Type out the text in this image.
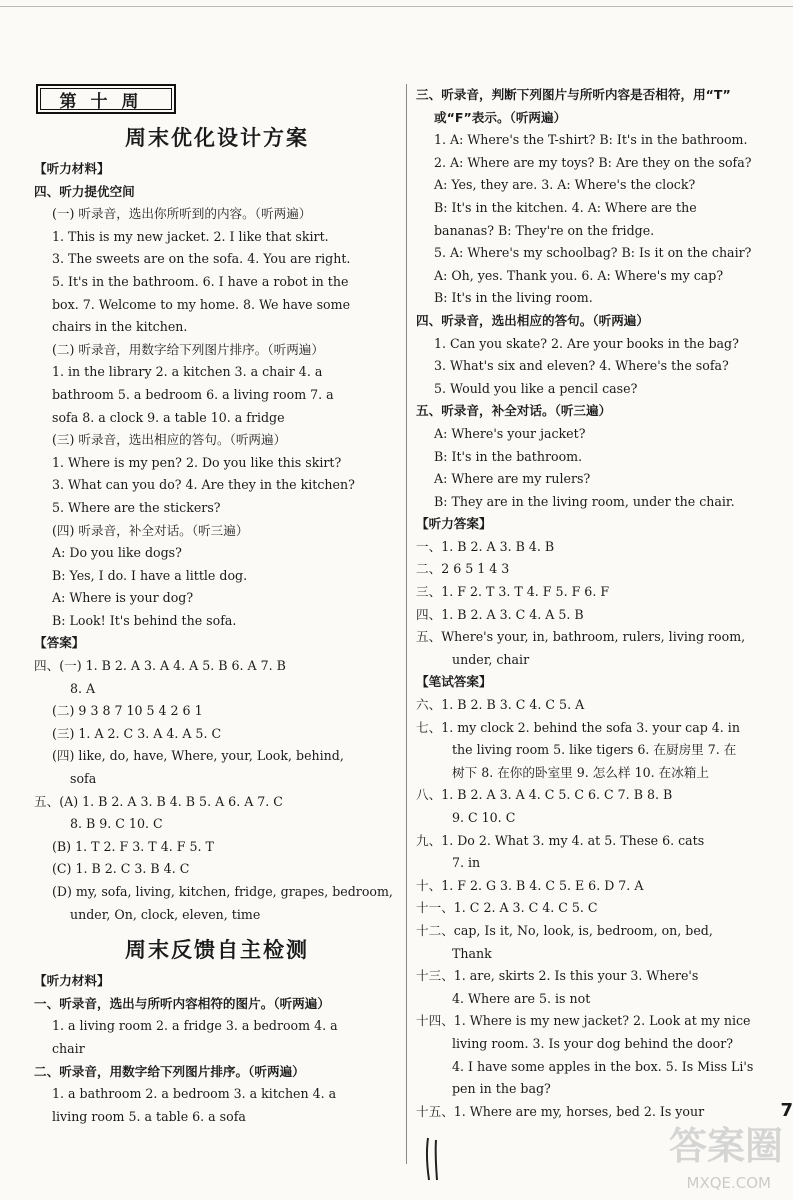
第十周
周末优化设计方案
【听力材料】
四、听力提优空间
(一) 听录音，选出你所听到的内容。（听两遍）
1. This is my new jacket. 2. I like that skirt.
3. The sweets are on the sofa. 4. You are right.
5. It's in the bathroom. 6. I have a robot in the
box. 7. Welcome to my home. 8. We have some
chairs in the kitchen.
(二) 听录音，用数字给下列图片排序。（听两遍）
1. in the library 2. a kitchen 3. a chair 4. a
bathroom 5. a bedroom 6. a living room 7. a
sofa 8. a clock 9. a table 10. a fridge
(三) 听录音，选出相应的答句。（听两遍）
1. Where is my pen? 2. Do you like this skirt?
3. What can you do? 4. Are they in the kitchen?
5. Where are the stickers?
(四) 听录音，补全对话。（听三遍）
A: Do you like dogs?
B: Yes, I do. I have a little dog.
A: Where is your dog?
B: Look! It's behind the sofa.
【答案】
四、(一) 1. B 2. A 3. A 4. A 5. B 6. A 7. B
8. A
(二) 9 3 8 7 10 5 4 2 6 1
(三) 1. A 2. C 3. A 4. A 5. C
(四) like, do, have, Where, your, Look, behind,
sofa
五、(A) 1. B 2. A 3. B 4. B 5. A 6. A 7. C
8. B 9. C 10. C
(B) 1. T 2. F 3. T 4. F 5. T
(C) 1. B 2. C 3. B 4. C
(D) my, sofa, living, kitchen, fridge, grapes, bedroom,
under, On, clock, eleven, time
周末反馈自主检测
【听力材料】
一、听录音，选出与所听内容相符的图片。（听两遍）
1. a living room 2. a fridge 3. a bedroom 4. a
chair
二、听录音，用数字给下列图片排序。（听两遍）
1. a bathroom 2. a bedroom 3. a kitchen 4. a
living room 5. a table 6. a sofa
三、听录音，判断下列图片与所听内容是否相符，用“T”
或“F”表示。（听两遍）
1. A: Where's the T-shirt? B: It's in the bathroom.
2. A: Where are my toys? B: Are they on the sofa?
A: Yes, they are. 3. A: Where's the clock?
B: It's in the kitchen. 4. A: Where are the
bananas? B: They're on the fridge.
5. A: Where's my schoolbag? B: Is it on the chair?
A: Oh, yes. Thank you. 6. A: Where's my cap?
B: It's in the living room.
四、听录音，选出相应的答句。（听两遍）
1. Can you skate? 2. Are your books in the bag?
3. What's six and eleven? 4. Where's the sofa?
5. Would you like a pencil case?
五、听录音，补全对话。（听三遍）
A: Where's your jacket?
B: It's in the bathroom.
A: Where are my rulers?
B: They are in the living room, under the chair.
【听力答案】
一、1. B 2. A 3. B 4. B
二、2 6 5 1 4 3
三、1. F 2. T 3. T 4. F 5. F 6. F
四、1. B 2. A 3. C 4. A 5. B
五、Where's your, in, bathroom, rulers, living room,
under, chair
【笔试答案】
六、1. B 2. B 3. C 4. C 5. A
七、1. my clock 2. behind the sofa 3. your cap 4. in
the living room 5. like tigers 6. 在厨房里 7. 在
树下 8. 在你的卧室里 9. 怎么样 10. 在冰箱上
八、1. B 2. A 3. A 4. C 5. C 6. C 7. B 8. B
9. C 10. C
九、1. Do 2. What 3. my 4. at 5. These 6. cats
7. in
十、1. F 2. G 3. B 4. C 5. E 6. D 7. A
十一、1. C 2. A 3. C 4. C 5. C
十二、cap, Is it, No, look, is, bedroom, on, bed,
Thank
十三、1. are, skirts 2. Is this your 3. Where's
4. Where are 5. is not
十四、1. Where is my new jacket? 2. Look at my nice
living room. 3. Is your dog behind the door?
4. I have some apples in the box. 5. Is Miss Li's
pen in the bag?
十五、1. Where are my, horses, bed 2. Is your	7
答案圈
MXQE.COM
